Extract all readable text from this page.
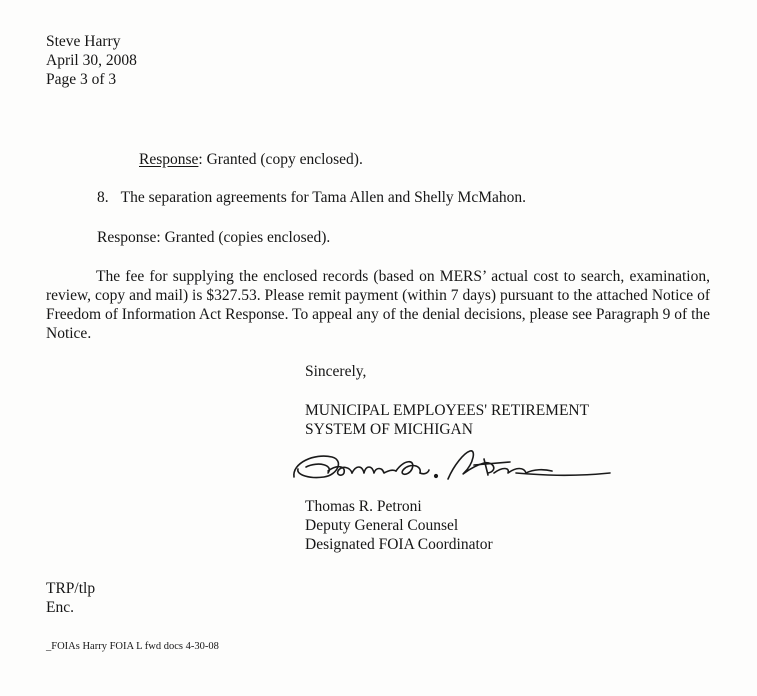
Steve Harry
April 30, 2008
Page 3 of 3

Response: Granted (copy enclosed).

8. The separation agreements for Tama Allen and Shelly McMahon.

Response: Granted (copies enclosed).

The fee for supplying the enclosed records (based on MERS’ actual cost to search, examination, review, copy and mail) is $327.53. Please remit payment (within 7 days) pursuant to the attached Notice of Freedom of Information Act Response. To appeal any of the denial decisions, please see Paragraph 9 of the Notice.

Sincerely,

MUNICIPAL EMPLOYEES' RETIREMENT
SYSTEM OF MICHIGAN
Thomas R. Petroni
Deputy General Counsel
Designated FOIA Coordinator
TRP/tlp
Enc.

_FOIAs Harry FOIA L fwd docs 4-30-08
